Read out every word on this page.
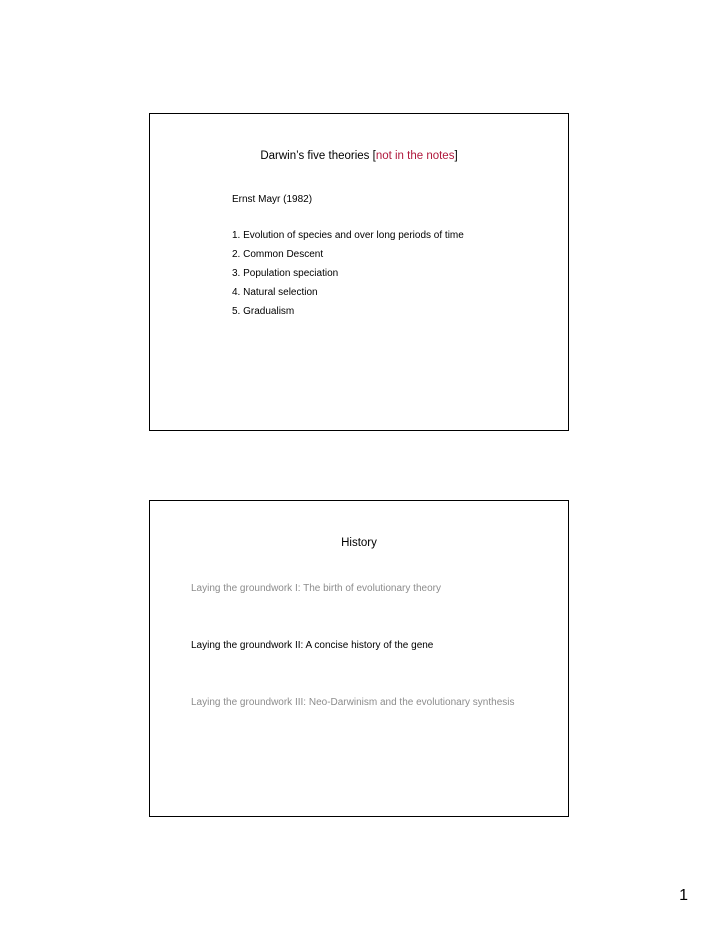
Darwin’s five theories [not in the notes]
Ernst Mayr (1982)
1. Evolution of species and over long periods of time
2. Common Descent
3. Population speciation
4. Natural selection
5. Gradualism
History
Laying the groundwork I: The birth of evolutionary theory
Laying the groundwork II: A concise history of the gene
Laying the groundwork III: Neo-Darwinism and the evolutionary synthesis
1
